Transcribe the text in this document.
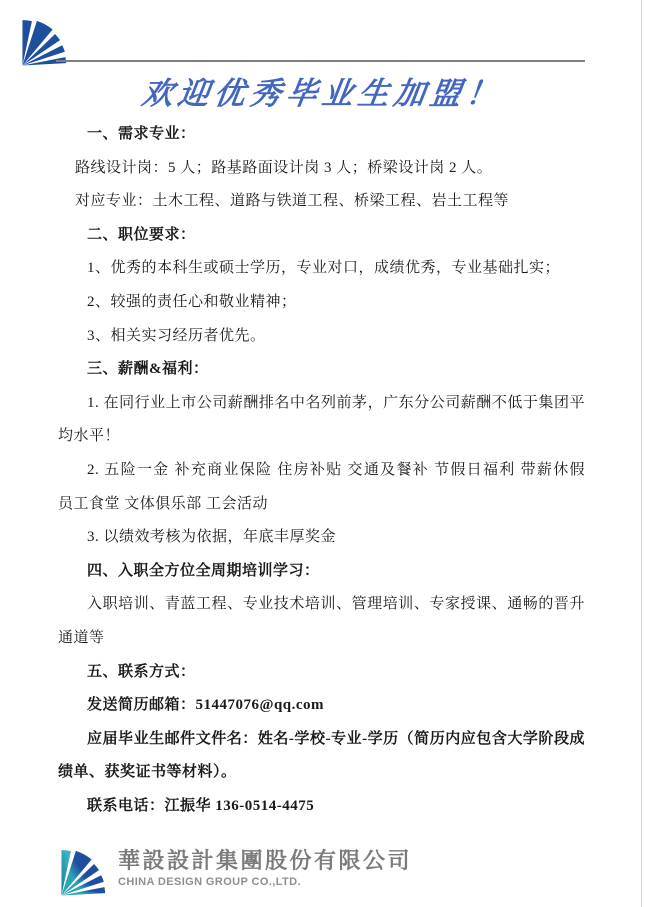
欢迎优秀毕业生加盟！
一、需求专业：
路线设计岗：5 人；路基路面设计岗 3 人；桥梁设计岗 2 人。
对应专业：土木工程、道路与铁道工程、桥梁工程、岩土工程等
二、职位要求：
1、优秀的本科生或硕士学历，专业对口，成绩优秀，专业基础扎实；
2、较强的责任心和敬业精神；
3、相关实习经历者优先。
三、薪酬&福利：
1. 在同行业上市公司薪酬排名中名列前茅，广东分公司薪酬不低于集团平
均水平！
2. 五险一金 补充商业保险 住房补贴 交通及餐补 节假日福利 带薪休假
员工食堂 文体俱乐部 工会活动
3. 以绩效考核为依据，年底丰厚奖金
四、入职全方位全周期培训学习：
入职培训、青蓝工程、专业技术培训、管理培训、专家授课、通畅的晋升
通道等
五、联系方式：
发送简历邮箱：51447076@qq.com
应届毕业生邮件文件名：姓名-学校-专业-学历（简历内应包含大学阶段成
绩单、获奖证书等材料）。
联系电话：江振华 136-0514-4475
華設設計集團股份有限公司
CHINA DESIGN GROUP CO.,LTD.
